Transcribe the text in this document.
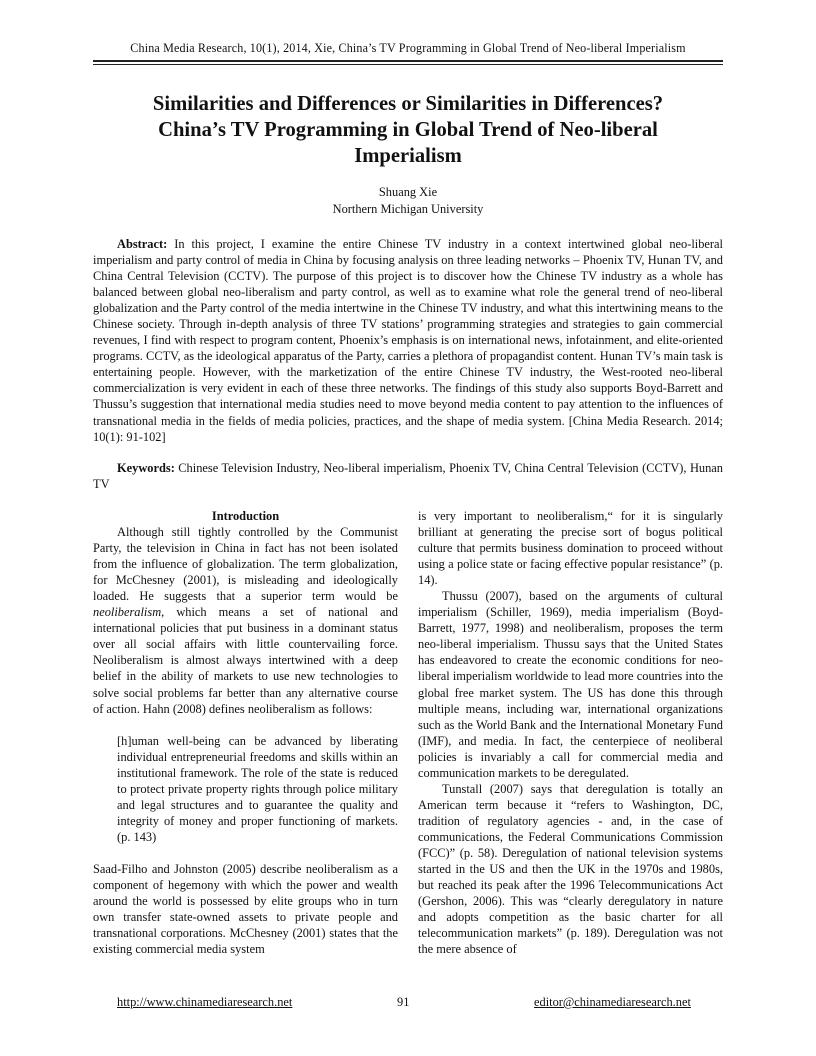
China Media Research, 10(1), 2014, Xie, China’s TV Programming in Global Trend of Neo-liberal Imperialism
Similarities and Differences or Similarities in Differences?
China’s TV Programming in Global Trend of Neo-liberal
Imperialism
Shuang Xie
Northern Michigan University

Abstract: In this project, I examine the entire Chinese TV industry in a context intertwined global neo-liberal imperialism and party control of media in China by focusing analysis on three leading networks – Phoenix TV, Hunan TV, and China Central Television (CCTV). The purpose of this project is to discover how the Chinese TV industry as a whole has balanced between global neo-liberalism and party control, as well as to examine what role the general trend of neo-liberal globalization and the Party control of the media intertwine in the Chinese TV industry, and what this intertwining means to the Chinese society. Through in-depth analysis of three TV stations’ programming strategies and strategies to gain commercial revenues, I find with respect to program content, Phoenix’s emphasis is on international news, infotainment, and elite-oriented programs. CCTV, as the ideological apparatus of the Party, carries a plethora of propagandist content. Hunan TV’s main task is entertaining people. However, with the marketization of the entire Chinese TV industry, the West-rooted neo-liberal commercialization is very evident in each of these three networks. The findings of this study also supports Boyd-Barrett and Thussu’s suggestion that international media studies need to move beyond media content to pay attention to the influences of transnational media in the fields of media policies, practices, and the shape of media system. [China Media Research. 2014; 10(1): 91-102]

Keywords: Chinese Television Industry, Neo-liberal imperialism, Phoenix TV, China Central Television (CCTV), Hunan TV

Introduction

Although still tightly controlled by the Communist Party, the television in China in fact has not been isolated from the influence of globalization. The term globalization, for McChesney (2001), is misleading and ideologically loaded. He suggests that a superior term would be neoliberalism, which means a set of national and international policies that put business in a dominant status over all social affairs with little countervailing force. Neoliberalism is almost always intertwined with a deep belief in the ability of markets to use new technologies to solve social problems far better than any alternative course of action. Hahn (2008) defines neoliberalism as follows:

[h]uman well-being can be advanced by liberating individual entrepreneurial freedoms and skills within an institutional framework. The role of the state is reduced to protect private property rights through police military and legal structures and to guarantee the quality and integrity of money and proper functioning of markets. (p. 143)

Saad-Filho and Johnston (2005) describe neoliberalism as a component of hegemony with which the power and wealth around the world is possessed by elite groups who in turn own transfer state-owned assets to private people and transnational corporations. McChesney (2001) states that the existing commercial media system

is very important to neoliberalism,“ for it is singularly brilliant at generating the precise sort of bogus political culture that permits business domination to proceed without using a police state or facing effective popular resistance” (p. 14).

Thussu (2007), based on the arguments of cultural imperialism (Schiller, 1969), media imperialism (Boyd-Barrett, 1977, 1998) and neoliberalism, proposes the term neo-liberal imperialism. Thussu says that the United States has endeavored to create the economic conditions for neo-liberal imperialism worldwide to lead more countries into the global free market system. The US has done this through multiple means, including war, international organizations such as the World Bank and the International Monetary Fund (IMF), and media. In fact, the centerpiece of neoliberal policies is invariably a call for commercial media and communication markets to be deregulated.

Tunstall (2007) says that deregulation is totally an American term because it “refers to Washington, DC, tradition of regulatory agencies - and, in the case of communications, the Federal Communications Commission (FCC)” (p. 58). Deregulation of national television systems started in the US and then the UK in the 1970s and 1980s, but reached its peak after the 1996 Telecommunications Act (Gershon, 2006). This was “clearly deregulatory in nature and adopts competition as the basic charter for all telecommunication markets” (p. 189). Deregulation was not the mere absence of

http://www.chinamediaresearch.net	91	editor@chinamediaresearch.net
